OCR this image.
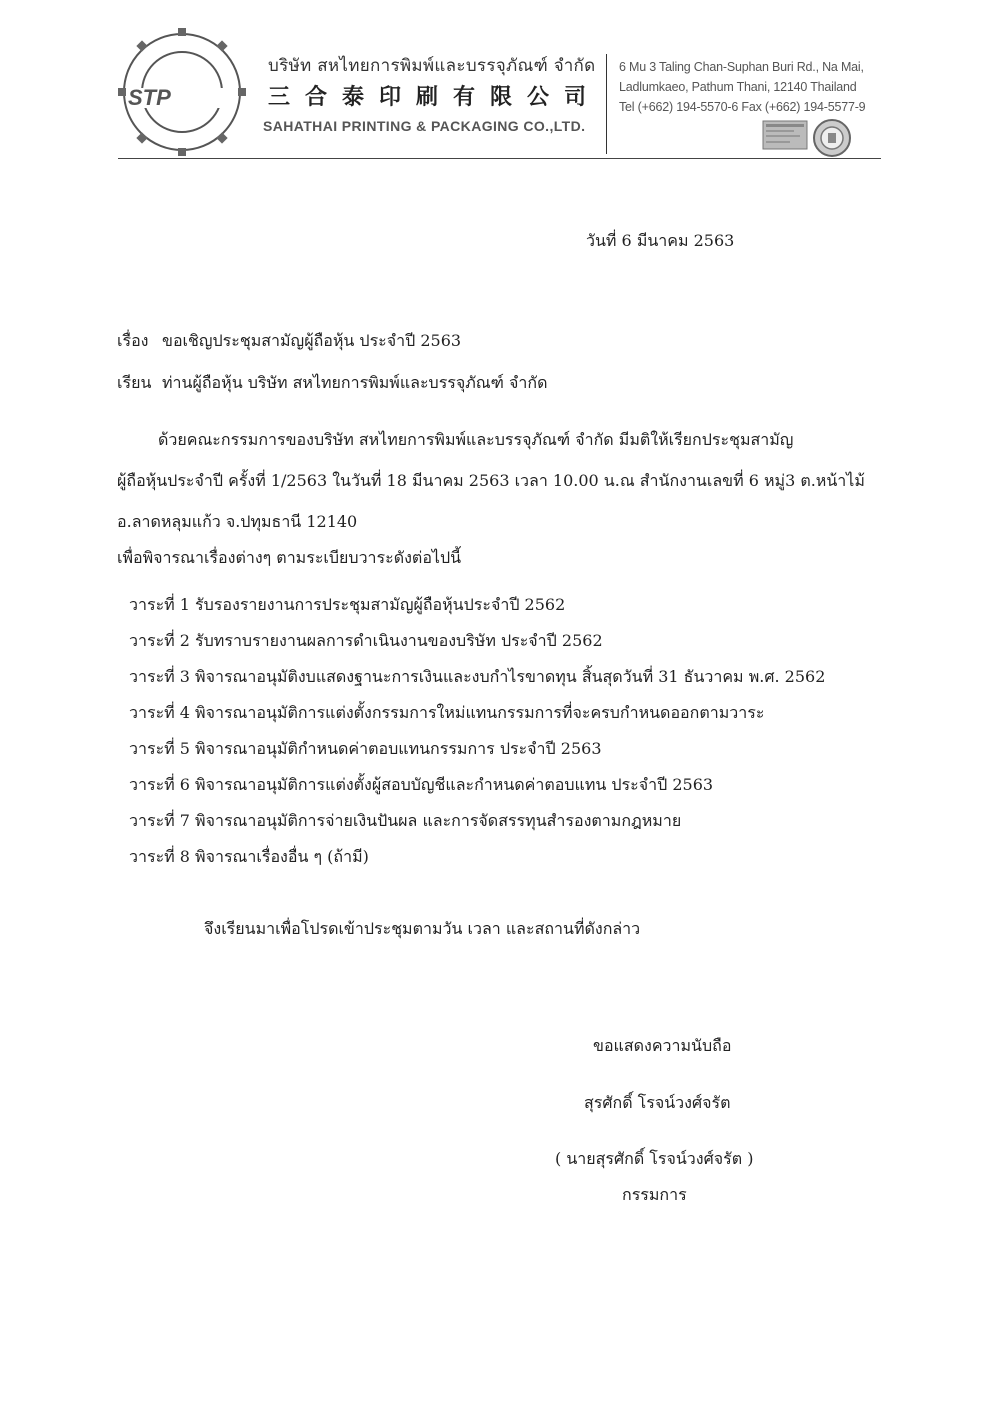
STP
บริษัท สหไทยการพิมพ์และบรรจุภัณฑ์ จำกัด
三合泰印刷有限公司
SAHATHAI PRINTING & PACKAGING CO.,LTD.
6 Mu 3 Taling Chan-Suphan Buri Rd., Na Mai,
Ladlumkaeo, Pathum Thani, 12140 Thailand
Tel (+662) 194-5570-6 Fax (+662) 194-5577-9
วันที่ 6 มีนาคม 2563
เรื่อง ขอเชิญประชุมสามัญผู้ถือหุ้น ประจำปี 2563
เรียน ท่านผู้ถือหุ้น บริษัท สหไทยการพิมพ์และบรรจุภัณฑ์ จำกัด
ด้วยคณะกรรมการของบริษัท สหไทยการพิมพ์และบรรจุภัณฑ์ จำกัด มีมติให้เรียกประชุมสามัญ
ผู้ถือหุ้นประจำปี ครั้งที่ 1/2563 ในวันที่ 18 มีนาคม 2563 เวลา 10.00 น.ณ สำนักงานเลขที่ 6 หมู่3 ต.หน้าไม้
อ.ลาดหลุมแก้ว จ.ปทุมธานี 12140
เพื่อพิจารณาเรื่องต่างๆ ตามระเบียบวาระดังต่อไปนี้
วาระที่ 1 รับรองรายงานการประชุมสามัญผู้ถือหุ้นประจำปี 2562
วาระที่ 2 รับทราบรายงานผลการดำเนินงานของบริษัท ประจำปี 2562
วาระที่ 3 พิจารณาอนุมัติงบแสดงฐานะการเงินและงบกำไรขาดทุน สิ้นสุดวันที่ 31 ธันวาคม พ.ศ. 2562
วาระที่ 4 พิจารณาอนุมัติการแต่งตั้งกรรมการใหม่แทนกรรมการที่จะครบกำหนดออกตามวาระ
วาระที่ 5 พิจารณาอนุมัติกำหนดค่าตอบแทนกรรมการ ประจำปี 2563
วาระที่ 6 พิจารณาอนุมัติการแต่งตั้งผู้สอบบัญชีและกำหนดค่าตอบแทน ประจำปี 2563
วาระที่ 7 พิจารณาอนุมัติการจ่ายเงินปันผล และการจัดสรรทุนสำรองตามกฎหมาย
วาระที่ 8 พิจารณาเรื่องอื่น ๆ (ถ้ามี)
จึงเรียนมาเพื่อโปรดเข้าประชุมตามวัน เวลา และสถานที่ดังกล่าว
ขอแสดงความนับถือ
สุรศักดิ์ โรจน์วงศ์จรัต
( นายสุรศักดิ์ โรจน์วงศ์จรัต )
กรรมการ
